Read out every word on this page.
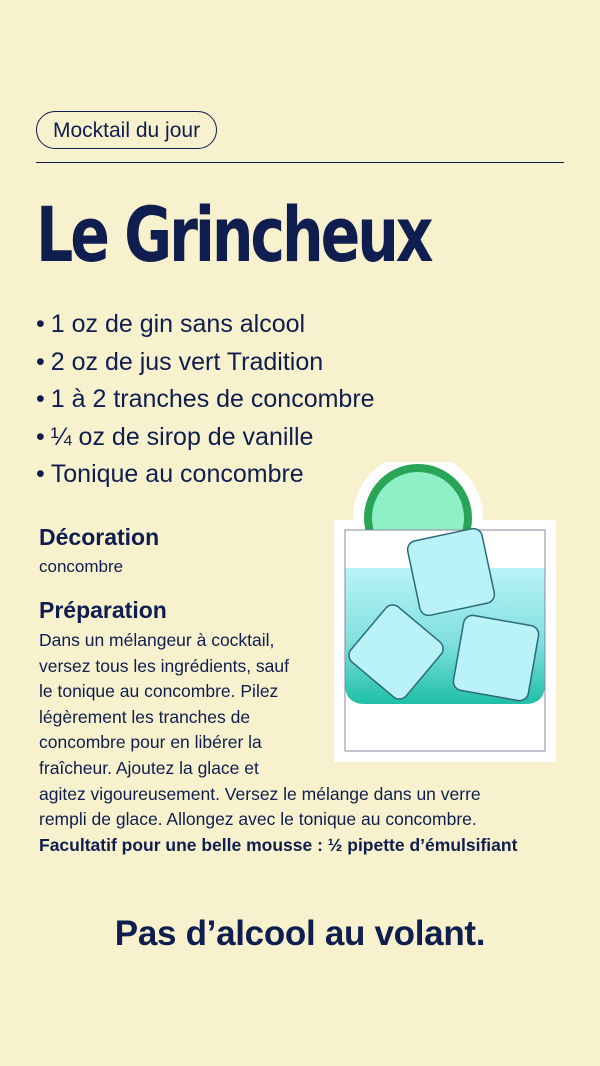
Mocktail du jour
Le Grincheux
• 1 oz de gin sans alcool
• 2 oz de jus vert Tradition
• 1 à 2 tranches de concombre
• ¼ oz de sirop de vanille
• Tonique au concombre
Décoration
concombre
Préparation

Dans un mélangeur à cocktail, versez tous les ingrédients, sauf le tonique au concombre. Pilez légèrement les tranches de concombre pour en libérer la fraîcheur. Ajoutez la glace et agitez vigoureusement. Versez le mélange dans un verre rempli de glace. Allongez avec le tonique au concombre. Facultatif pour une belle mousse : ½ pipette d’émulsifiant

Pas d’alcool au volant.
